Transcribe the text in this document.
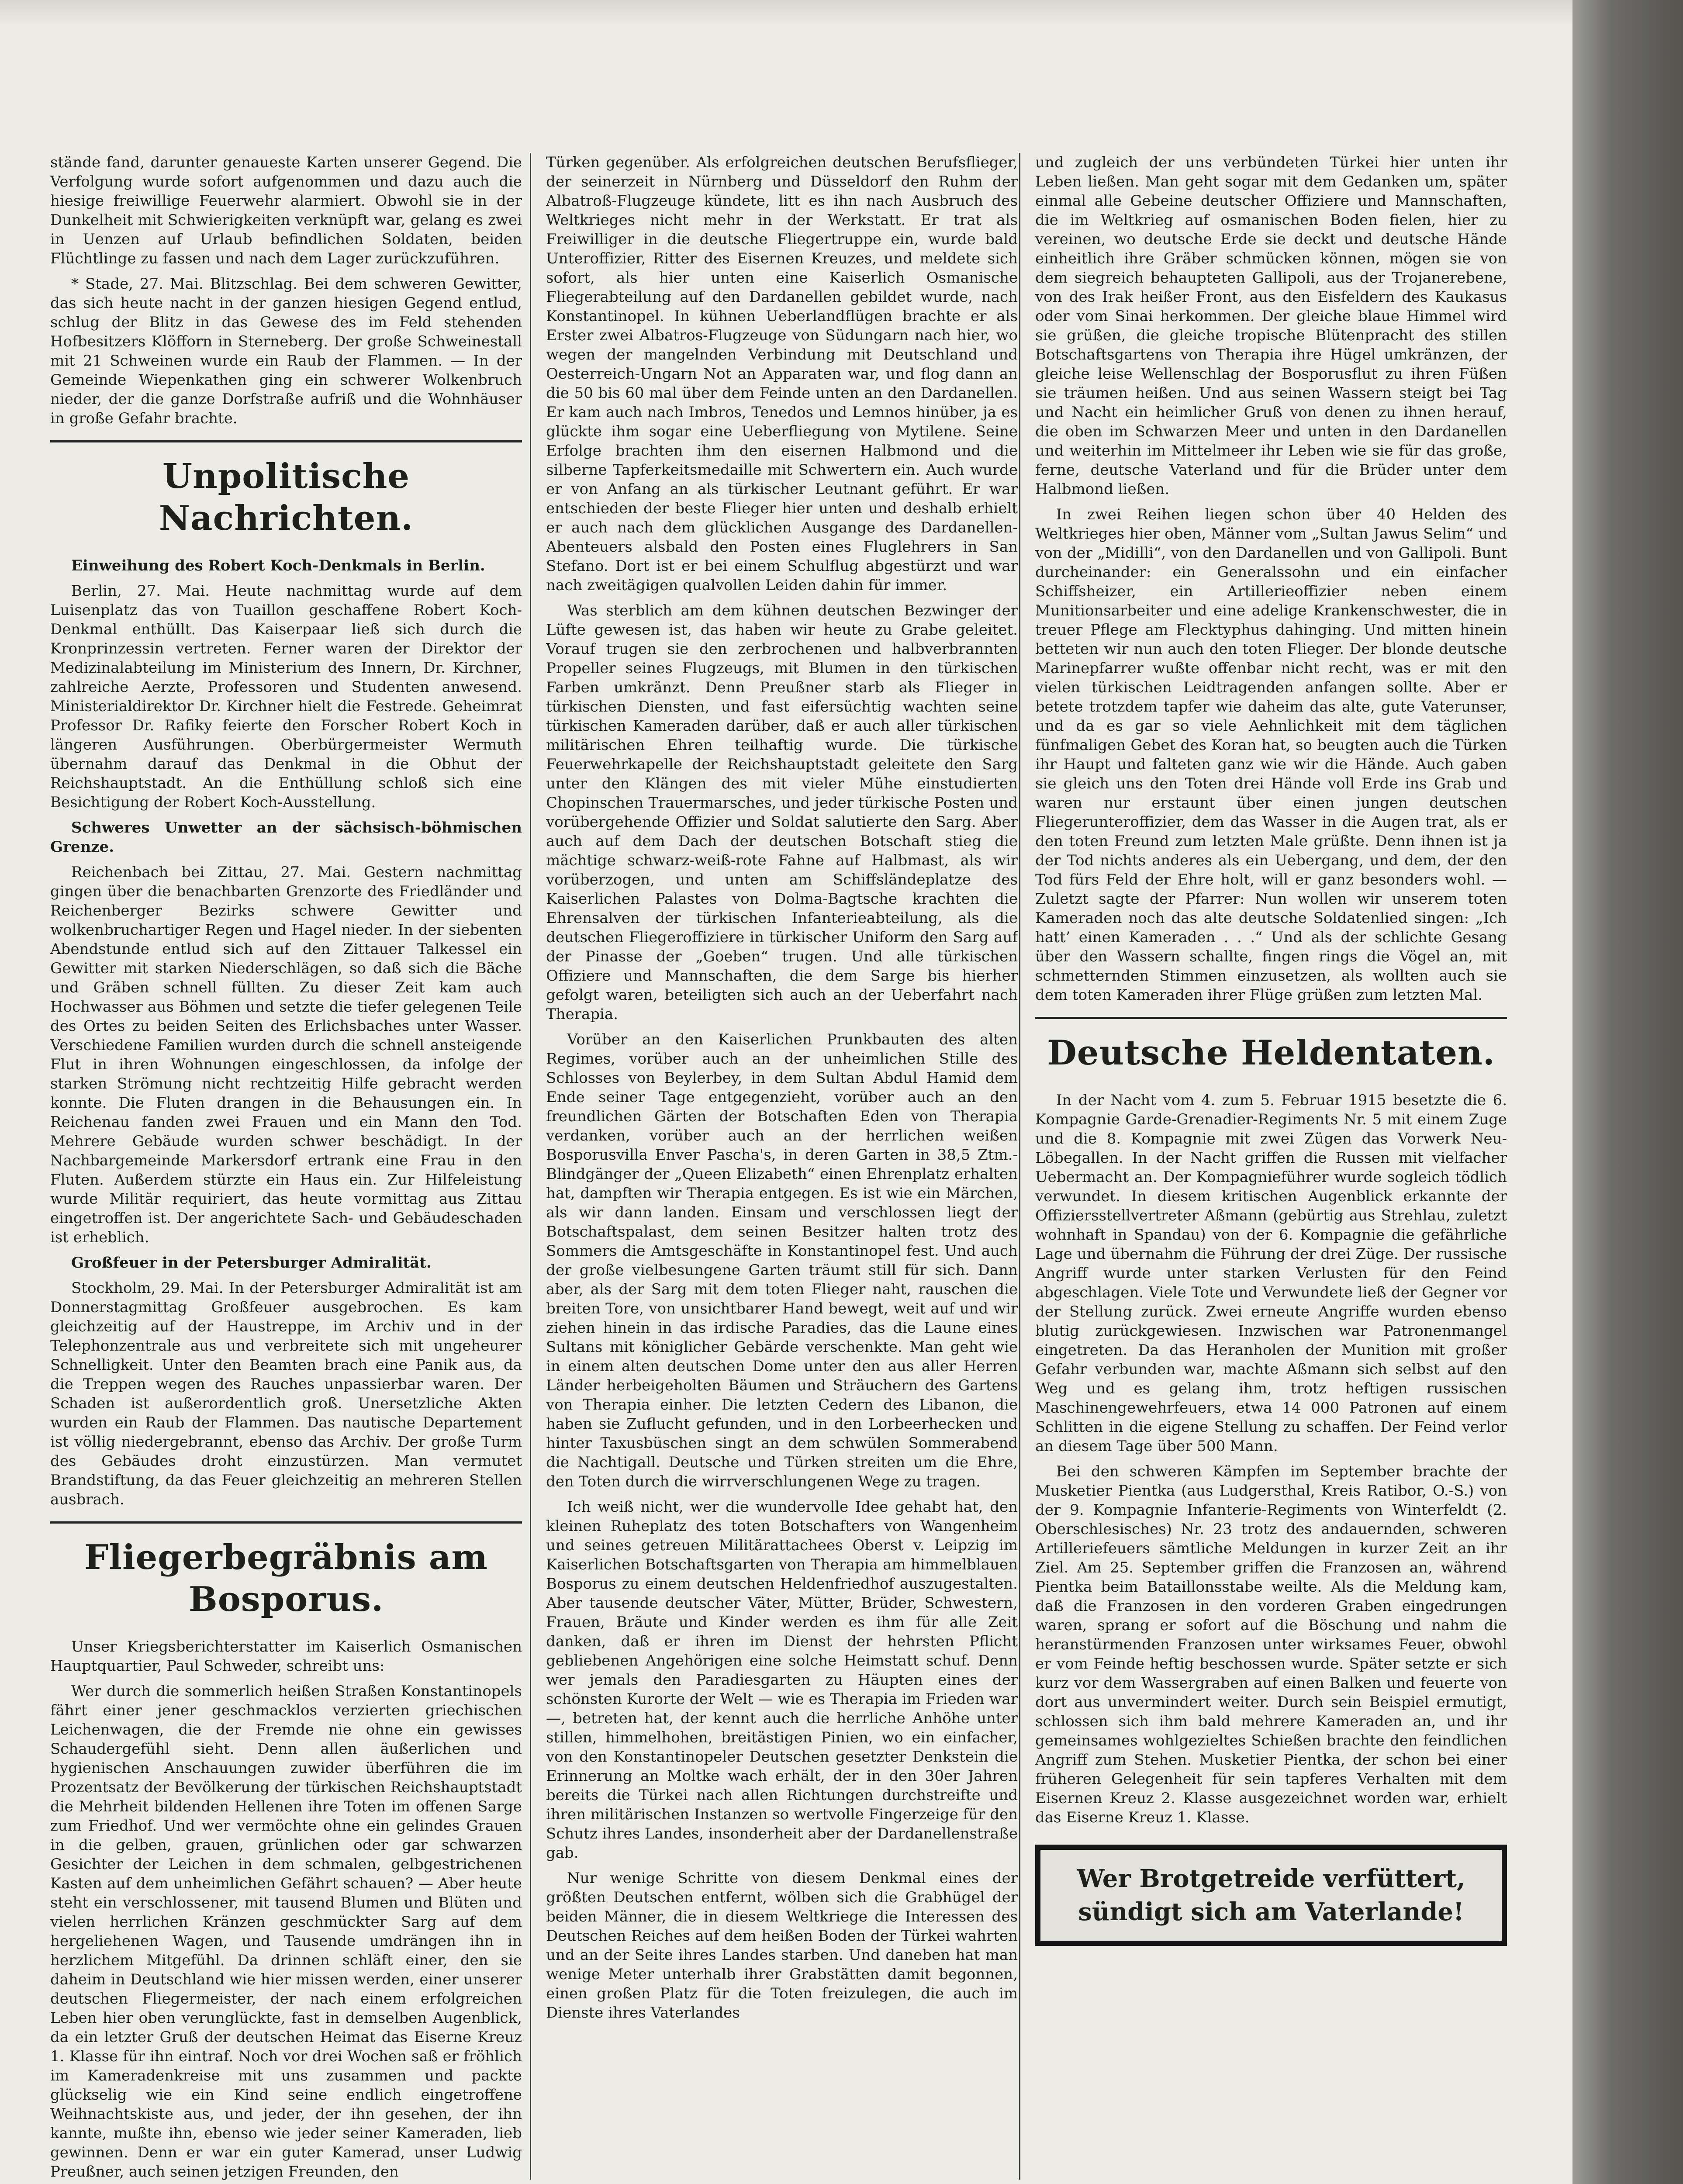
stände fand, darunter genaueste Karten unserer Gegend. Die Verfolgung wurde sofort aufgenommen und dazu auch die hiesige freiwillige Feuerwehr alarmiert. Obwohl sie in der Dunkelheit mit Schwierigkeiten verknüpft war, gelang es zwei in Uenzen auf Urlaub befindlichen Soldaten, beiden Flüchtlinge zu fassen und nach dem Lager zurückzuführen.

* Stade, 27. Mai. Blitzschlag. Bei dem schweren Gewitter, das sich heute nacht in der ganzen hiesigen Gegend entlud, schlug der Blitz in das Gewese des im Feld stehenden Hofbesitzers Klöfforn in Sterneberg. Der große Schweinestall mit 21 Schweinen wurde ein Raub der Flammen. — In der Gemeinde Wiepenkathen ging ein schwerer Wolkenbruch nieder, der die ganze Dorfstraße aufriß und die Wohnhäuser in große Gefahr brachte.

Unpolitische Nachrichten.

Einweihung des Robert Koch-Denkmals in Berlin.

Berlin, 27. Mai. Heute nachmittag wurde auf dem Luisenplatz das von Tuaillon geschaffene Robert Koch-Denkmal enthüllt. Das Kaiserpaar ließ sich durch die Kronprinzessin vertreten. Ferner waren der Direktor der Medizinalabteilung im Ministerium des Innern, Dr. Kirchner, zahlreiche Aerzte, Professoren und Studenten anwesend. Ministerialdirektor Dr. Kirchner hielt die Festrede. Geheimrat Professor Dr. Rafiky feierte den Forscher Robert Koch in längeren Ausführungen. Oberbürgermeister Wermuth übernahm darauf das Denkmal in die Obhut der Reichshauptstadt. An die Enthüllung schloß sich eine Besichtigung der Robert Koch-Ausstellung.

Schweres Unwetter an der sächsisch-böhmischen Grenze.

Reichenbach bei Zittau, 27. Mai. Gestern nachmittag gingen über die benachbarten Grenzorte des Friedländer und Reichenberger Bezirks schwere Gewitter und wolkenbruchartiger Regen und Hagel nieder. In der siebenten Abendstunde entlud sich auf den Zittauer Talkessel ein Gewitter mit starken Niederschlägen, so daß sich die Bäche und Gräben schnell füllten. Zu dieser Zeit kam auch Hochwasser aus Böhmen und setzte die tiefer gelegenen Teile des Ortes zu beiden Seiten des Erlichsbaches unter Wasser. Verschiedene Familien wurden durch die schnell ansteigende Flut in ihren Wohnungen eingeschlossen, da infolge der starken Strömung nicht rechtzeitig Hilfe gebracht werden konnte. Die Fluten drangen in die Behausungen ein. In Reichenau fanden zwei Frauen und ein Mann den Tod. Mehrere Gebäude wurden schwer beschädigt. In der Nachbargemeinde Markersdorf ertrank eine Frau in den Fluten. Außerdem stürzte ein Haus ein. Zur Hilfeleistung wurde Militär requiriert, das heute vormittag aus Zittau eingetroffen ist. Der angerichtete Sach- und Gebäudeschaden ist erheblich.

Großfeuer in der Petersburger Admiralität.

Stockholm, 29. Mai. In der Petersburger Admiralität ist am Donnerstagmittag Großfeuer ausgebrochen. Es kam gleichzeitig auf der Haustreppe, im Archiv und in der Telephonzentrale aus und verbreitete sich mit ungeheurer Schnelligkeit. Unter den Beamten brach eine Panik aus, da die Treppen wegen des Rauches unpassierbar waren. Der Schaden ist außerordentlich groß. Unersetzliche Akten wurden ein Raub der Flammen. Das nautische Departement ist völlig niedergebrannt, ebenso das Archiv. Der große Turm des Gebäudes droht einzustürzen. Man vermutet Brandstiftung, da das Feuer gleichzeitig an mehreren Stellen ausbrach.

Fliegerbegräbnis am Bosporus.

Unser Kriegsberichterstatter im Kaiserlich Osmanischen Hauptquartier, Paul Schweder, schreibt uns:

Wer durch die sommerlich heißen Straßen Konstantinopels fährt einer jener geschmacklos verzierten griechischen Leichenwagen, die der Fremde nie ohne ein gewisses Schaudergefühl sieht. Denn allen äußerlichen und hygienischen Anschauungen zuwider überführen die im Prozentsatz der Bevölkerung der türkischen Reichshauptstadt die Mehrheit bildenden Hellenen ihre Toten im offenen Sarge zum Friedhof. Und wer vermöchte ohne ein gelindes Grauen in die gelben, grauen, grünlichen oder gar schwarzen Gesichter der Leichen in dem schmalen, gelbgestrichenen Kasten auf dem unheimlichen Gefährt schauen? — Aber heute steht ein verschlossener, mit tausend Blumen und Blüten und vielen herrlichen Kränzen geschmückter Sarg auf dem hergeliehenen Wagen, und Tausende umdrängen ihn in herzlichem Mitgefühl. Da drinnen schläft einer, den sie daheim in Deutschland wie hier missen werden, einer unserer deutschen Fliegermeister, der nach einem erfolgreichen Leben hier oben verunglückte, fast in demselben Augenblick, da ein letzter Gruß der deutschen Heimat das Eiserne Kreuz 1. Klasse für ihn eintraf. Noch vor drei Wochen saß er fröhlich im Kameradenkreise mit uns zusammen und packte glückselig wie ein Kind seine endlich eingetroffene Weihnachtskiste aus, und jeder, der ihn gesehen, der ihn kannte, mußte ihn, ebenso wie jeder seiner Kameraden, lieb gewinnen. Denn er war ein guter Kamerad, unser Ludwig Preußner, auch seinen jetzigen Freunden, den

Türken gegenüber. Als erfolgreichen deutschen Berufsflieger, der seinerzeit in Nürnberg und Düsseldorf den Ruhm der Albatroß-Flugzeuge kündete, litt es ihn nach Ausbruch des Weltkrieges nicht mehr in der Werkstatt. Er trat als Freiwilliger in die deutsche Fliegertruppe ein, wurde bald Unteroffizier, Ritter des Eisernen Kreuzes, und meldete sich sofort, als hier unten eine Kaiserlich Osmanische Fliegerabteilung auf den Dardanellen gebildet wurde, nach Konstantinopel. In kühnen Ueberlandflügen brachte er als Erster zwei Albatros-Flugzeuge von Südungarn nach hier, wo wegen der mangelnden Verbindung mit Deutschland und Oesterreich-Ungarn Not an Apparaten war, und flog dann an die 50 bis 60 mal über dem Feinde unten an den Dardanellen. Er kam auch nach Imbros, Tenedos und Lemnos hinüber, ja es glückte ihm sogar eine Ueberfliegung von Mytilene. Seine Erfolge brachten ihm den eisernen Halbmond und die silberne Tapferkeitsmedaille mit Schwertern ein. Auch wurde er von Anfang an als türkischer Leutnant geführt. Er war entschieden der beste Flieger hier unten und deshalb erhielt er auch nach dem glücklichen Ausgange des Dardanellen-Abenteuers alsbald den Posten eines Fluglehrers in San Stefano. Dort ist er bei einem Schulflug abgestürzt und war nach zweitägigen qualvollen Leiden dahin für immer.

Was sterblich am dem kühnen deutschen Bezwinger der Lüfte gewesen ist, das haben wir heute zu Grabe geleitet. Vorauf trugen sie den zerbrochenen und halbverbrannten Propeller seines Flugzeugs, mit Blumen in den türkischen Farben umkränzt. Denn Preußner starb als Flieger in türkischen Diensten, und fast eifersüchtig wachten seine türkischen Kameraden darüber, daß er auch aller türkischen militärischen Ehren teilhaftig wurde. Die türkische Feuerwehrkapelle der Reichshauptstadt geleitete den Sarg unter den Klängen des mit vieler Mühe einstudierten Chopinschen Trauermarsches, und jeder türkische Posten und vorübergehende Offizier und Soldat salutierte den Sarg. Aber auch auf dem Dach der deutschen Botschaft stieg die mächtige schwarz-weiß-rote Fahne auf Halbmast, als wir vorüberzogen, und unten am Schiffsländeplatze des Kaiserlichen Palastes von Dolma-Bagtsche krachten die Ehrensalven der türkischen Infanterieabteilung, als die deutschen Fliegeroffiziere in türkischer Uniform den Sarg auf der Pinasse der „Goeben“ trugen. Und alle türkischen Offiziere und Mannschaften, die dem Sarge bis hierher gefolgt waren, beteiligten sich auch an der Ueberfahrt nach Therapia.

Vorüber an den Kaiserlichen Prunkbauten des alten Regimes, vorüber auch an der unheimlichen Stille des Schlosses von Beylerbey, in dem Sultan Abdul Hamid dem Ende seiner Tage entgegenzieht, vorüber auch an den freundlichen Gärten der Botschaften Eden von Therapia verdanken, vorüber auch an der herrlichen weißen Bosporusvilla Enver Pascha's, in deren Garten in 38,5 Ztm.-Blindgänger der „Queen Elizabeth“ einen Ehrenplatz erhalten hat, dampften wir Therapia entgegen. Es ist wie ein Märchen, als wir dann landen. Einsam und verschlossen liegt der Botschaftspalast, dem seinen Besitzer halten trotz des Sommers die Amtsgeschäfte in Konstantinopel fest. Und auch der große vielbesungene Garten träumt still für sich. Dann aber, als der Sarg mit dem toten Flieger naht, rauschen die breiten Tore, von unsichtbarer Hand bewegt, weit auf und wir ziehen hinein in das irdische Paradies, das die Laune eines Sultans mit königlicher Gebärde verschenkte. Man geht wie in einem alten deutschen Dome unter den aus aller Herren Länder herbeigeholten Bäumen und Sträuchern des Gartens von Therapia einher. Die letzten Cedern des Libanon, die haben sie Zuflucht gefunden, und in den Lorbeerhecken und hinter Taxusbüschen singt an dem schwülen Sommerabend die Nachtigall. Deutsche und Türken streiten um die Ehre, den Toten durch die wirrverschlungenen Wege zu tragen.

Ich weiß nicht, wer die wundervolle Idee gehabt hat, den kleinen Ruheplatz des toten Botschafters von Wangenheim und seines getreuen Militärattachees Oberst v. Leipzig im Kaiserlichen Botschaftsgarten von Therapia am himmelblauen Bosporus zu einem deutschen Heldenfriedhof auszugestalten. Aber tausende deutscher Väter, Mütter, Brüder, Schwestern, Frauen, Bräute und Kinder werden es ihm für alle Zeit danken, daß er ihren im Dienst der hehrsten Pflicht gebliebenen Angehörigen eine solche Heimstatt schuf. Denn wer jemals den Paradiesgarten zu Häupten eines der schönsten Kurorte der Welt — wie es Therapia im Frieden war —, betreten hat, der kennt auch die herrliche Anhöhe unter stillen, himmelhohen, breitästigen Pinien, wo ein einfacher, von den Konstantinopeler Deutschen gesetzter Denkstein die Erinnerung an Moltke wach erhält, der in den 30er Jahren bereits die Türkei nach allen Richtungen durchstreifte und ihren militärischen Instanzen so wertvolle Fingerzeige für den Schutz ihres Landes, insonderheit aber der Dardanellenstraße gab.

Nur wenige Schritte von diesem Denkmal eines der größten Deutschen entfernt, wölben sich die Grabhügel der beiden Männer, die in diesem Weltkriege die Interessen des Deutschen Reiches auf dem heißen Boden der Türkei wahrten und an der Seite ihres Landes starben. Und daneben hat man wenige Meter unterhalb ihrer Grabstätten damit begonnen, einen großen Platz für die Toten freizulegen, die auch im Dienste ihres Vaterlandes

und zugleich der uns verbündeten Türkei hier unten ihr Leben ließen. Man geht sogar mit dem Gedanken um, später einmal alle Gebeine deutscher Offiziere und Mannschaften, die im Weltkrieg auf osmanischen Boden fielen, hier zu vereinen, wo deutsche Erde sie deckt und deutsche Hände einheitlich ihre Gräber schmücken können, mögen sie von dem siegreich behaupteten Gallipoli, aus der Trojanerebene, von des Irak heißer Front, aus den Eisfeldern des Kaukasus oder vom Sinai herkommen. Der gleiche blaue Himmel wird sie grüßen, die gleiche tropische Blütenpracht des stillen Botschaftsgartens von Therapia ihre Hügel umkränzen, der gleiche leise Wellenschlag der Bosporusflut zu ihren Füßen sie träumen heißen. Und aus seinen Wassern steigt bei Tag und Nacht ein heimlicher Gruß von denen zu ihnen herauf, die oben im Schwarzen Meer und unten in den Dardanellen und weiterhin im Mittelmeer ihr Leben wie sie für das große, ferne, deutsche Vaterland und für die Brüder unter dem Halbmond ließen.

In zwei Reihen liegen schon über 40 Helden des Weltkrieges hier oben, Männer vom „Sultan Jawus Selim“ und von der „Midilli“, von den Dardanellen und von Gallipoli. Bunt durcheinander: ein Generalssohn und ein einfacher Schiffsheizer, ein Artillerieoffizier neben einem Munitionsarbeiter und eine adelige Krankenschwester, die in treuer Pflege am Flecktyphus dahinging. Und mitten hinein betteten wir nun auch den toten Flieger. Der blonde deutsche Marinepfarrer wußte offenbar nicht recht, was er mit den vielen türkischen Leidtragenden anfangen sollte. Aber er betete trotzdem tapfer wie daheim das alte, gute Vaterunser, und da es gar so viele Aehnlichkeit mit dem täglichen fünfmaligen Gebet des Koran hat, so beugten auch die Türken ihr Haupt und falteten ganz wie wir die Hände. Auch gaben sie gleich uns den Toten drei Hände voll Erde ins Grab und waren nur erstaunt über einen jungen deutschen Fliegerunteroffizier, dem das Wasser in die Augen trat, als er den toten Freund zum letzten Male grüßte. Denn ihnen ist ja der Tod nichts anderes als ein Uebergang, und dem, der den Tod fürs Feld der Ehre holt, will er ganz besonders wohl. — Zuletzt sagte der Pfarrer: Nun wollen wir unserem toten Kameraden noch das alte deutsche Soldatenlied singen: „Ich hatt’ einen Kameraden . . .“ Und als der schlichte Gesang über den Wassern schallte, fingen rings die Vögel an, mit schmetternden Stimmen einzusetzen, als wollten auch sie dem toten Kameraden ihrer Flüge grüßen zum letzten Mal.

Deutsche Heldentaten.

In der Nacht vom 4. zum 5. Februar 1915 besetzte die 6. Kompagnie Garde-Grenadier-Regiments Nr. 5 mit einem Zuge und die 8. Kompagnie mit zwei Zügen das Vorwerk Neu-Löbegallen. In der Nacht griffen die Russen mit vielfacher Uebermacht an. Der Kompagnieführer wurde sogleich tödlich verwundet. In diesem kritischen Augenblick erkannte der Offiziersstellvertreter Aßmann (gebürtig aus Strehlau, zuletzt wohnhaft in Spandau) von der 6. Kompagnie die gefährliche Lage und übernahm die Führung der drei Züge. Der russische Angriff wurde unter starken Verlusten für den Feind abgeschlagen. Viele Tote und Verwundete ließ der Gegner vor der Stellung zurück. Zwei erneute Angriffe wurden ebenso blutig zurückgewiesen. Inzwischen war Patronenmangel eingetreten. Da das Heranholen der Munition mit großer Gefahr verbunden war, machte Aßmann sich selbst auf den Weg und es gelang ihm, trotz heftigen russischen Maschinengewehrfeuers, etwa 14 000 Patronen auf einem Schlitten in die eigene Stellung zu schaffen. Der Feind verlor an diesem Tage über 500 Mann.

Bei den schweren Kämpfen im September brachte der Musketier Pientka (aus Ludgersthal, Kreis Ratibor, O.-S.) von der 9. Kompagnie Infanterie-Regiments von Winterfeldt (2. Oberschlesisches) Nr. 23 trotz des andauernden, schweren Artilleriefeuers sämtliche Meldungen in kurzer Zeit an ihr Ziel. Am 25. September griffen die Franzosen an, während Pientka beim Bataillonsstabe weilte. Als die Meldung kam, daß die Franzosen in den vorderen Graben eingedrungen waren, sprang er sofort auf die Böschung und nahm die heranstürmenden Franzosen unter wirksames Feuer, obwohl er vom Feinde heftig beschossen wurde. Später setzte er sich kurz vor dem Wassergraben auf einen Balken und feuerte von dort aus unvermindert weiter. Durch sein Beispiel ermutigt, schlossen sich ihm bald mehrere Kameraden an, und ihr gemeinsames wohlgezieltes Schießen brachte den feindlichen Angriff zum Stehen. Musketier Pientka, der schon bei einer früheren Gelegenheit für sein tapferes Verhalten mit dem Eisernen Kreuz 2. Klasse ausgezeichnet worden war, erhielt das Eiserne Kreuz 1. Klasse.

Wer Brotgetreide verfüttert,
sündigt sich am Vaterlande!
